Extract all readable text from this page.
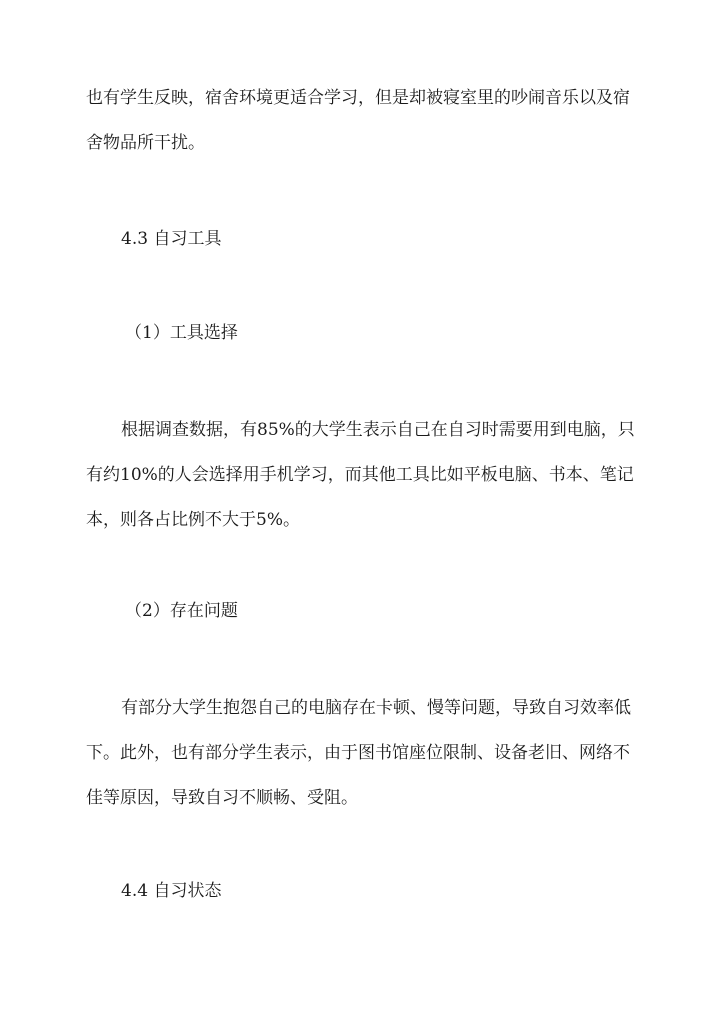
也有学生反映，宿舍环境更适合学习，但是却被寝室里的吵闹音乐以及宿

舍物品所干扰。

4.3 自习工具
（1）工具选择

根据调查数据，有85%的大学生表示自己在自习时需要用到电脑，只

有约10%的人会选择用手机学习，而其他工具比如平板电脑、书本、笔记

本，则各占比例不大于5%。

（2）存在问题

有部分大学生抱怨自己的电脑存在卡顿、慢等问题，导致自习效率低

下。此外，也有部分学生表示，由于图书馆座位限制、设备老旧、网络不

佳等原因，导致自习不顺畅、受阻。

4.4 自习状态
